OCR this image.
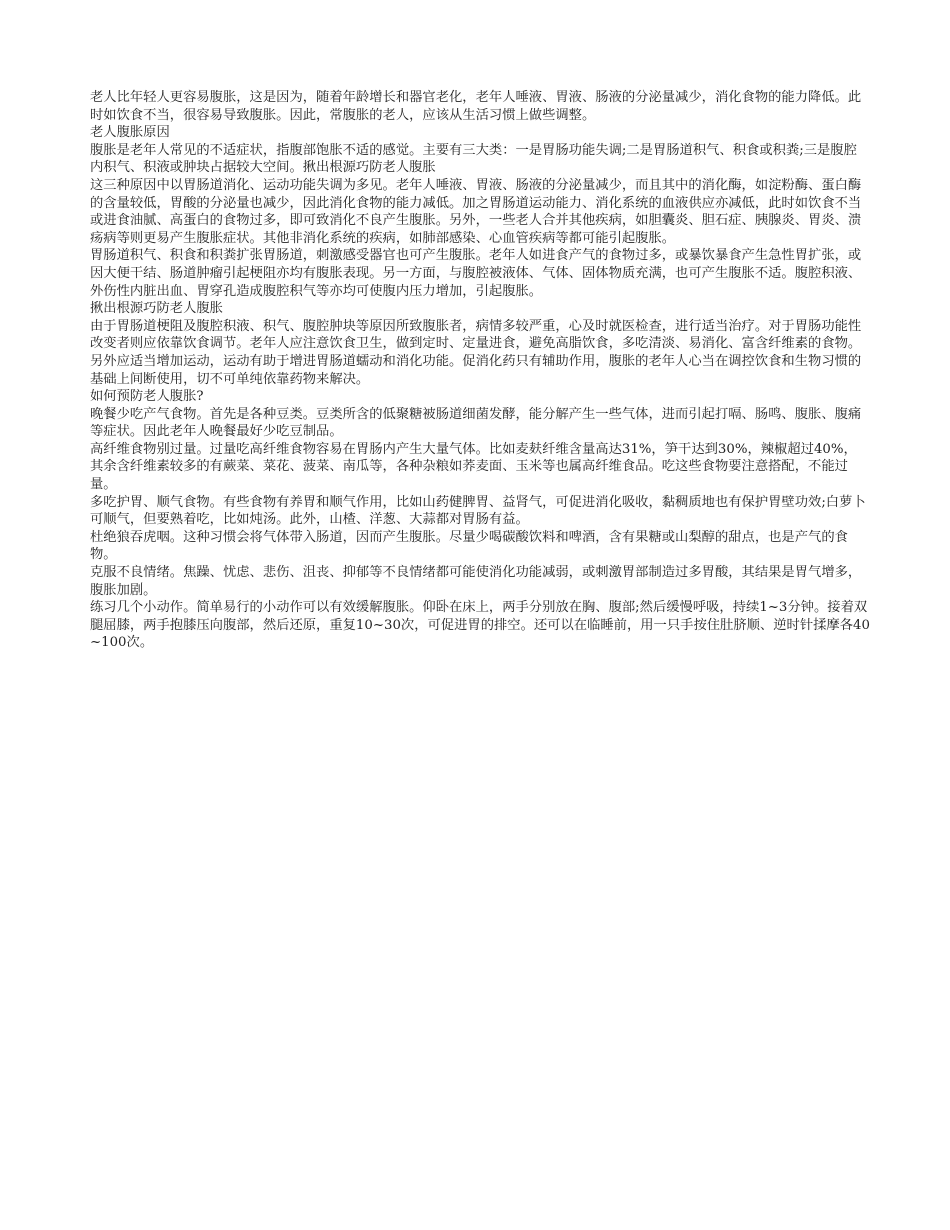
老人比年轻人更容易腹胀，这是因为，随着年龄增长和器官老化，老年人唾液、胃液、肠液的分泌量减少，消化食物的能力降低。此时如饮食不当，很容易导致腹胀。因此，常腹胀的老人，应该从生活习惯上做些调整。

老人腹胀原因

腹胀是老年人常见的不适症状，指腹部饱胀不适的感觉。主要有三大类：一是胃肠功能失调;二是胃肠道积气、积食或积粪;三是腹腔内积气、积液或肿块占据较大空间。揪出根源巧防老人腹胀

这三种原因中以胃肠道消化、运动功能失调为多见。老年人唾液、胃液、肠液的分泌量减少，而且其中的消化酶，如淀粉酶、蛋白酶的含量较低，胃酸的分泌量也减少，因此消化食物的能力减低。加之胃肠道运动能力、消化系统的血液供应亦减低，此时如饮食不当或进食油腻、高蛋白的食物过多，即可致消化不良产生腹胀。另外，一些老人合并其他疾病，如胆囊炎、胆石症、胰腺炎、胃炎、溃疡病等则更易产生腹胀症状。其他非消化系统的疾病，如肺部感染、心血管疾病等都可能引起腹胀。

胃肠道积气、积食和积粪扩张胃肠道，刺激感受器官也可产生腹胀。老年人如进食产气的食物过多，或暴饮暴食产生急性胃扩张，或因大便干结、肠道肿瘤引起梗阻亦均有腹胀表现。另一方面，与腹腔被液体、气体、固体物质充满，也可产生腹胀不适。腹腔积液、外伤性内脏出血、胃穿孔造成腹腔积气等亦均可使腹内压力增加，引起腹胀。

揪出根源巧防老人腹胀

由于胃肠道梗阻及腹腔积液、积气、腹腔肿块等原因所致腹胀者，病情多较严重，心及时就医检查，进行适当治疗。对于胃肠功能性改变者则应依靠饮食调节。老年人应注意饮食卫生，做到定时、定量进食，避免高脂饮食，多吃清淡、易消化、富含纤维素的食物。另外应适当增加运动，运动有助于增进胃肠道蠕动和消化功能。促消化药只有辅助作用，腹胀的老年人心当在调控饮食和生物习惯的基础上间断使用，切不可单纯依靠药物来解决。

如何预防老人腹胀?

晚餐少吃产气食物。首先是各种豆类。豆类所含的低聚糖被肠道细菌发酵，能分解产生一些气体，进而引起打嗝、肠鸣、腹胀、腹痛等症状。因此老年人晚餐最好少吃豆制品。

高纤维食物别过量。过量吃高纤维食物容易在胃肠内产生大量气体。比如麦麸纤维含量高达31%，笋干达到30%，辣椒超过40%，其余含纤维素较多的有蕨菜、菜花、菠菜、南瓜等，各种杂粮如荞麦面、玉米等也属高纤维食品。吃这些食物要注意搭配，不能过量。

多吃护胃、顺气食物。有些食物有养胃和顺气作用，比如山药健脾胃、益肾气，可促进消化吸收，黏稠质地也有保护胃壁功效;白萝卜可顺气，但要熟着吃，比如炖汤。此外，山楂、洋葱、大蒜都对胃肠有益。

杜绝狼吞虎咽。这种习惯会将气体带入肠道，因而产生腹胀。尽量少喝碳酸饮料和啤酒，含有果糖或山梨醇的甜点，也是产气的食物。

克服不良情绪。焦躁、忧虑、悲伤、沮丧、抑郁等不良情绪都可能使消化功能减弱，或刺激胃部制造过多胃酸，其结果是胃气增多，腹胀加剧。

练习几个小动作。简单易行的小动作可以有效缓解腹胀。仰卧在床上，两手分别放在胸、腹部;然后缓慢呼吸，持续1~3分钟。接着双腿屈膝，两手抱膝压向腹部，然后还原，重复10~30次，可促进胃的排空。还可以在临睡前，用一只手按住肚脐顺、逆时针揉摩各40~100次。
